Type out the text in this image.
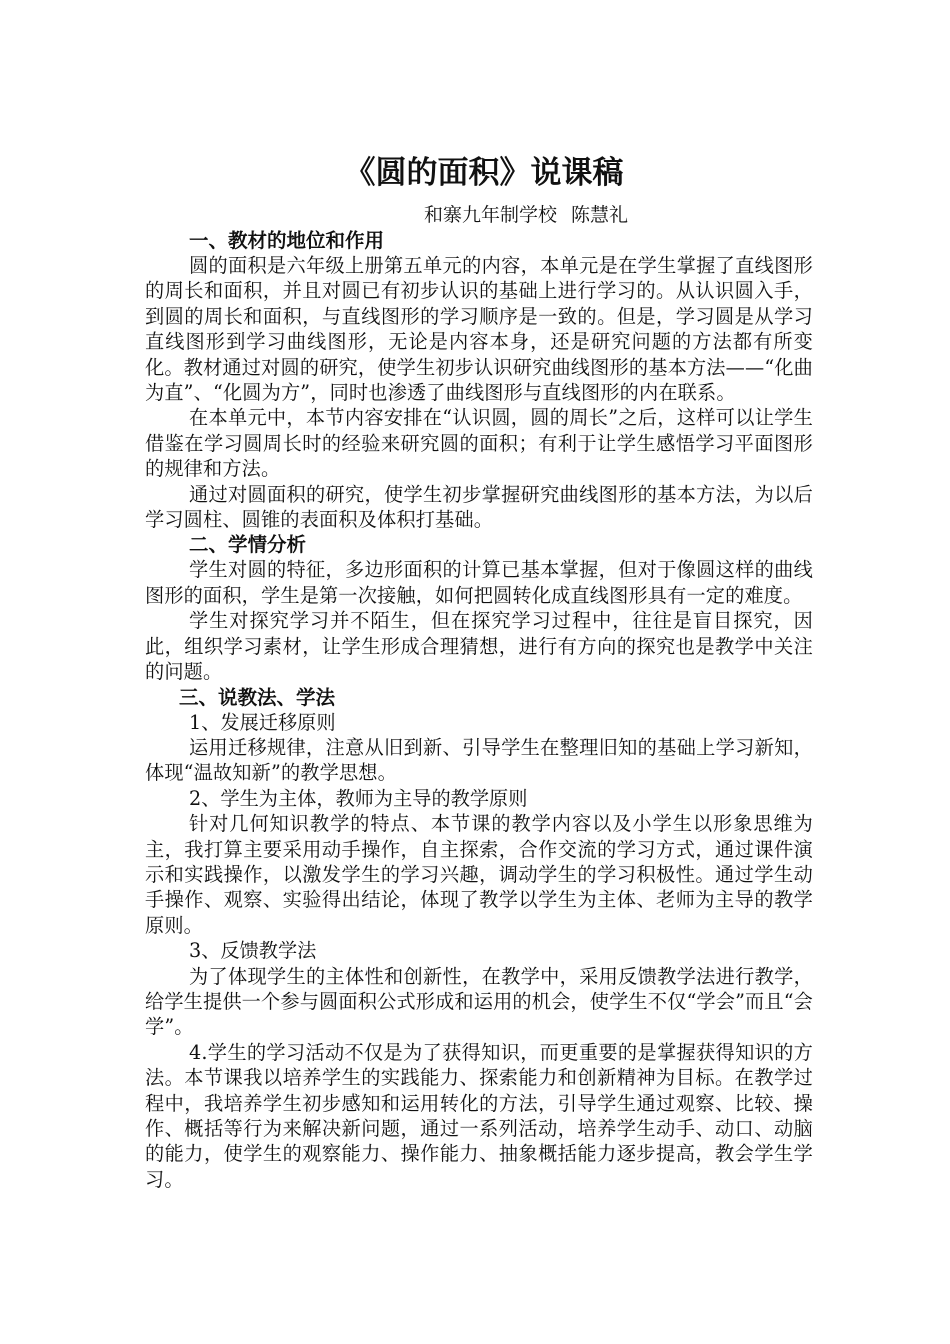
《圆的面积》说课稿
和寨九年制学校 陈慧礼
一、教材的地位和作用

圆的面积是六年级上册第五单元的内容，本单元是在学生掌握了直线图形的周长和面积，并且对圆已有初步认识的基础上进行学习的。从认识圆入手，到圆的周长和面积，与直线图形的学习顺序是一致的。但是，学习圆是从学习直线图形到学习曲线图形，无论是内容本身，还是研究问题的方法都有所变化。教材通过对圆的研究，使学生初步认识研究曲线图形的基本方法——“化曲为直”、“化圆为方”，同时也渗透了曲线图形与直线图形的内在联系。

在本单元中，本节内容安排在“认识圆，圆的周长”之后，这样可以让学生借鉴在学习圆周长时的经验来研究圆的面积；有利于让学生感悟学习平面图形的规律和方法。

通过对圆面积的研究，使学生初步掌握研究曲线图形的基本方法，为以后学习圆柱、圆锥的表面积及体积打基础。

二、学情分析

学生对圆的特征，多边形面积的计算已基本掌握，但对于像圆这样的曲线图形的面积，学生是第一次接触，如何把圆转化成直线图形具有一定的难度。

学生对探究学习并不陌生，但在探究学习过程中，往往是盲目探究，因此，组织学习素材，让学生形成合理猜想，进行有方向的探究也是教学中关注的问题。

三、说教法、学法

1、发展迁移原则

运用迁移规律，注意从旧到新、引导学生在整理旧知的基础上学习新知，体现“温故知新”的教学思想。

2、学生为主体，教师为主导的教学原则

针对几何知识教学的特点、本节课的教学内容以及小学生以形象思维为主，我打算主要采用动手操作，自主探索，合作交流的学习方式，通过课件演示和实践操作，以激发学生的学习兴趣，调动学生的学习积极性。通过学生动手操作、观察、实验得出结论，体现了教学以学生为主体、老师为主导的教学原则。

3、反馈教学法

为了体现学生的主体性和创新性，在教学中，采用反馈教学法进行教学，给学生提供一个参与圆面积公式形成和运用的机会，使学生不仅“学会”而且“会学”。

4.学生的学习活动不仅是为了获得知识，而更重要的是掌握获得知识的方法。本节课我以培养学生的实践能力、探索能力和创新精神为目标。在教学过程中，我培养学生初步感知和运用转化的方法，引导学生通过观察、比较、操作、概括等行为来解决新问题，通过一系列活动，培养学生动手、动口、动脑的能力，使学生的观察能力、操作能力、抽象概括能力逐步提高，教会学生学习。
